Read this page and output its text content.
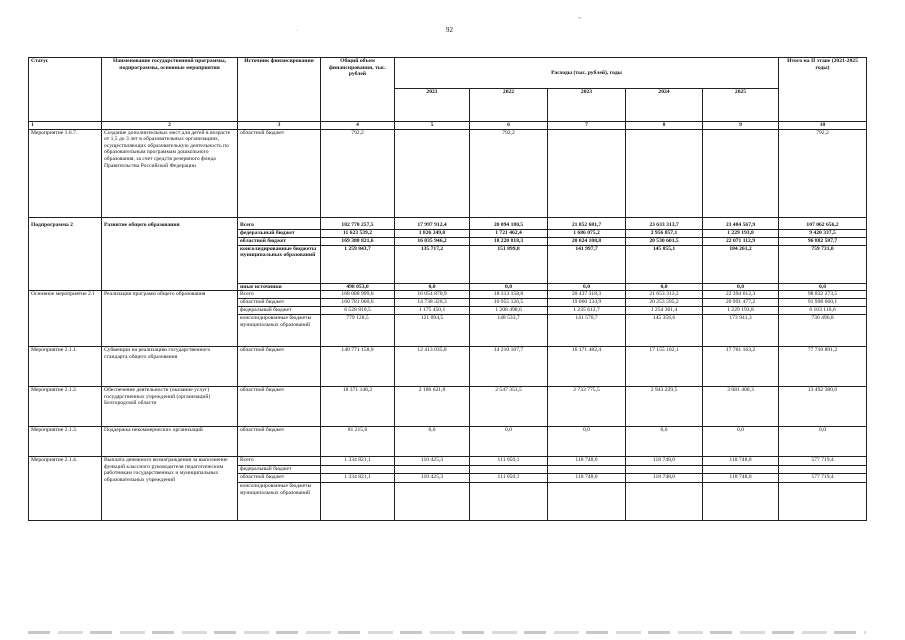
92
·
~
Статус	Наименование государственной программы, подпрограммы, основные мероприятия	Источник финансирования	Общий объем финансирования, тыс. рублей	Расходы (тыс. рублей), годы					Итого на II этапе (2021-2025 годы)
				2021	2022	2023	2024	2025	
1	2	3	4	5	6	7	8	9	10
Мероприятие 1.6.7.	Создание дополнительных мест для детей в возрасте от 1,5 до 3 лет в образовательных организациях, осуществляющих образовательную деятельность по образовательным программам дошкольного образования, за счет средств резервного фонда Правительства Российской Федерации	областной бюджет	792,2		792,2				792,2
Подпрограмма 2	Развитие общего образования	Всего	182 770 257,5	17 997 912,4	20 094 180,5	21 852 681,7	23 633 313,7	23 484 567,9	107 062 656,2
		федеральный бюджет	11 623 539,2	1 826 249,0	1 721 462,4	1 686 075,2	2 956 857,1	1 229 193,8	9 420 337,5
		областной бюджет	169 388 821,6	16 035 946,2	18 220 818,3	20 024 108,8	20 530 601,5	22 071 112,9	96 882 587,7
		консолидированные бюджеты муниципальных образований	1 259 843,7	135 717,2	151 899,8	141 997,7	145 855,1	184 261,2	759 731,0
		иные источники	498 053,0	0,0	0,0	0,0	0,0	0,0	0,0
Основное мероприятие 2.1	Реализация программ общего образования	Всего	168 088 999,6	16 054 870,9	18 313 158,8	20 437 318,3	21 653 313,2	22 394 612,3	98 832 273,5
		областной бюджет	160 781 060,6	14 738 326,3	16 955 126,5	19 060 134,9	20 253 595,2	20 991 477,2	91 998 660,1
		федеральный бюджет	6 528 810,5	1 175 450,1	1 208 498,6	1 235 612,7	1 254 361,4	1 229 193,8	6 103 116,6
		консолидированные бюджеты муниципальных образований	779 128,5	121 094,5	148 533,7	141 570,7	145 356,6	173 941,3	730 496,8
Мероприятие 2.1.1.	Субвенции на реализацию государственного стандарта общего образования	областной бюджет	140 771 158,9	12 413 035,8	14 210 107,7	16 171 482,4	17 155 102,1	17 761 163,2	77 710 891,2
Мероприятие 2.1.2.	Обеспечение деятельности (оказание услуг) государственных учреждений (организаций) Белгородской области	областной бюджет	18 371 146,2	2 186 621,8	2 547 353,5	2 733 775,5	2 943 229,5	3 081 400,3	13 492 380,6
Мероприятие 2.1.3.	Поддержка некоммерческих организаций	областной бюджет	81 215,0	0,0	0,0	0,0	0,0	0,0	0,0
Мероприятие 2.1.4.	Выплата денежного вознаграждения за выполнение функций классного руководителя педагогическим работникам государственных и муниципальных образовательных учреждений	Всего	1 334 821,1	110 425,3	111 050,1	118 748,0	118 748,0	118 748,0	577 719,4
		федеральный бюджет							
		областной бюджет	1 334 821,1	110 425,3	111 050,1	118 748,0	118 748,0	118 748,0	577 719,4
		консолидированные бюджеты муниципальных образований							
